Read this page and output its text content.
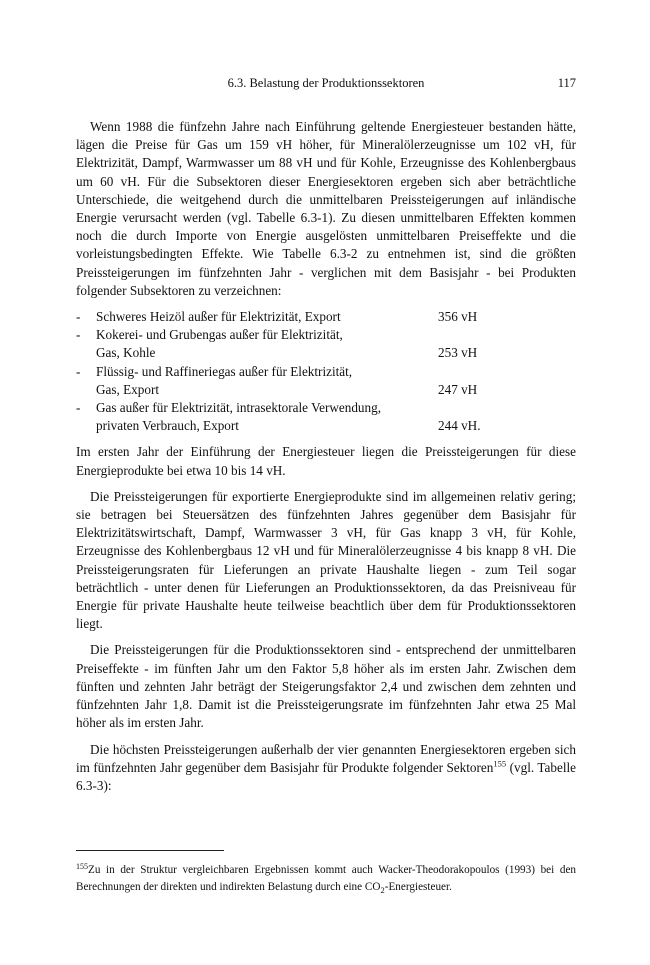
6.3. Belastung der Produktionssektoren	117

Wenn 1988 die fünfzehn Jahre nach Einführung geltende Energiesteuer bestanden hätte, lägen die Preise für Gas um 159 vH höher, für Mineralölerzeugnisse um 102 vH, für Elektrizität, Dampf, Warmwasser um 88 vH und für Kohle, Erzeugnisse des Kohlenbergbaus um 60 vH. Für die Subsektoren dieser Energiesektoren ergeben sich aber beträchtliche Unterschiede, die weitgehend durch die unmittelbaren Preissteigerungen auf inländische Energie verursacht werden (vgl. Tabelle 6.3-1). Zu diesen unmittelbaren Effekten kommen noch die durch Importe von Energie ausgelösten unmittelbaren Preiseffekte und die vorleistungsbedingten Effekte. Wie Tabelle 6.3-2 zu entnehmen ist, sind die größten Preissteigerungen im fünfzehnten Jahr - verglichen mit dem Basisjahr - bei Produkten folgender Subsektoren zu verzeichnen:

- Schweres Heizöl außer für Elektrizität, Export	356 vH
- Kokerei- und Grubengas außer für Elektrizität,
Gas, Kohle	253 vH
- Flüssig- und Raffineriegas außer für Elektrizität,
Gas, Export	247 vH
- Gas außer für Elektrizität, intrasektorale Verwendung,
privaten Verbrauch, Export	244 vH.

Im ersten Jahr der Einführung der Energiesteuer liegen die Preissteigerungen für diese Energieprodukte bei etwa 10 bis 14 vH.

Die Preissteigerungen für exportierte Energieprodukte sind im allgemeinen relativ gering; sie betragen bei Steuersätzen des fünfzehnten Jahres gegenüber dem Basisjahr für Elektrizitätswirtschaft, Dampf, Warmwasser 3 vH, für Gas knapp 3 vH, für Kohle, Erzeugnisse des Kohlenbergbaus 12 vH und für Mineralölerzeugnisse 4 bis knapp 8 vH. Die Preissteigerungsraten für Lieferungen an private Haushalte liegen - zum Teil sogar beträchtlich - unter denen für Lieferungen an Produktionssektoren, da das Preisniveau für Energie für private Haushalte heute teilweise beachtlich über dem für Produktionssektoren liegt.

Die Preissteigerungen für die Produktionssektoren sind - entsprechend der unmittelbaren Preiseffekte - im fünften Jahr um den Faktor 5,8 höher als im ersten Jahr. Zwischen dem fünften und zehnten Jahr beträgt der Steigerungsfaktor 2,4 und zwischen dem zehnten und fünfzehnten Jahr 1,8. Damit ist die Preissteigerungsrate im fünfzehnten Jahr etwa 25 Mal höher als im ersten Jahr.

Die höchsten Preissteigerungen außerhalb der vier genannten Energiesektoren ergeben sich im fünfzehnten Jahr gegenüber dem Basisjahr für Produkte folgender Sektoren$^{155}$ (vgl. Tabelle 6.3-3):

$^{155}$Zu in der Struktur vergleichbaren Ergebnissen kommt auch Wacker-Theodorakopoulos (1993) bei den Berechnungen der direkten und indirekten Belastung durch eine $CO_2$-Energiesteuer.
